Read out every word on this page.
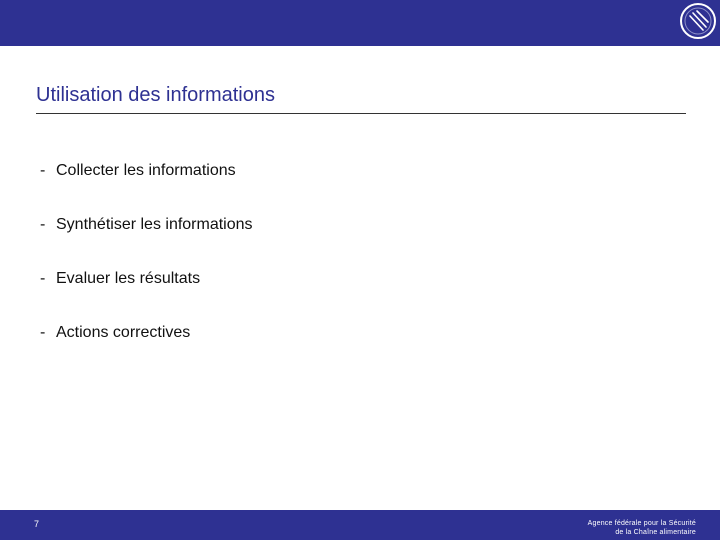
Utilisation des informations
- Collecter les informations
- Synthétiser les informations
- Evaluer les résultats
- Actions correctives
7	Agence fédérale pour la Sécurité
de la Chaîne alimentaire
